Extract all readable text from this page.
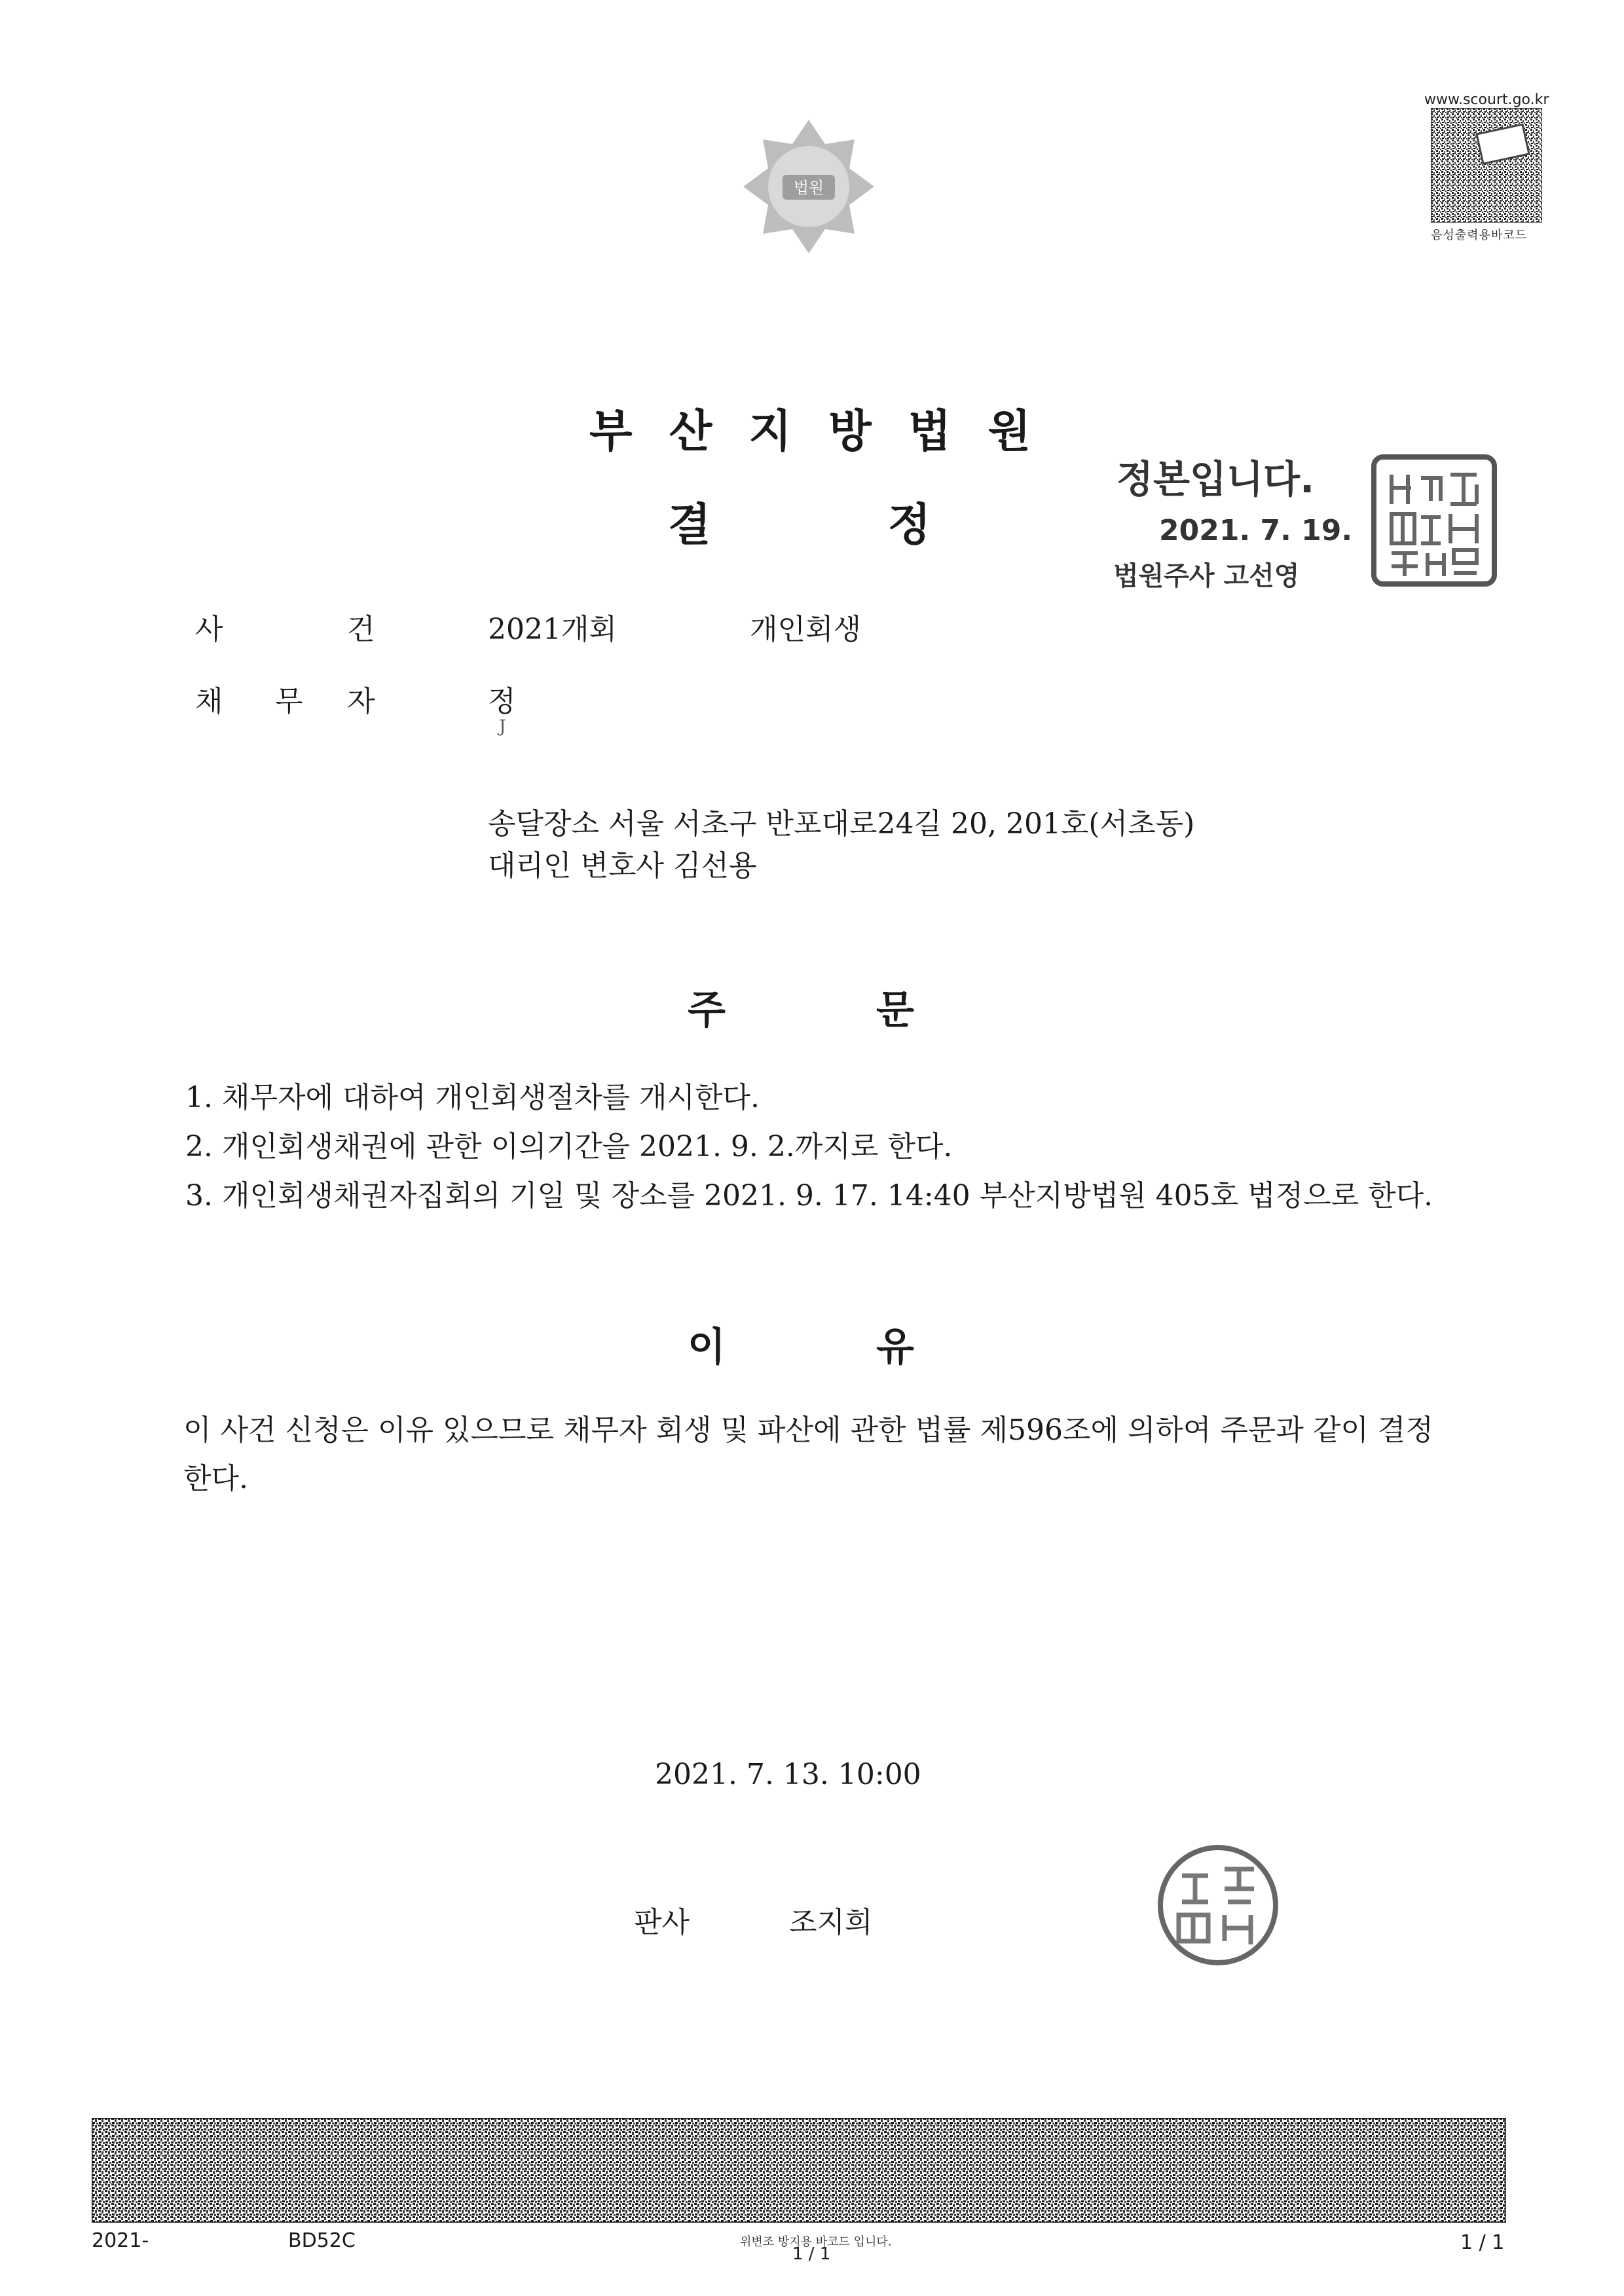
법원
www.scourt.go.kr
음성출력용바코드
부산지방법원
결정
정본입니다.
2021. 7. 19.
법원주사 고선영
사	건	2021개회	개인회생
채 무 자	정
J
송달장소 서울 서초구 반포대로24길 20, 201호(서초동)
대리인 변호사 김선용
주문
1. 채무자에 대하여 개인회생절차를 개시한다.
2. 개인회생채권에 관한 이의기간을 2021. 9. 2.까지로 한다.
3. 개인회생채권자집회의 기일 및 장소를 2021. 9. 17. 14:40 부산지방법원 405호 법정으로 한다.
이유
이 사건 신청은 이유 있으므로 채무자 회생 및 파산에 관한 법률 제596조에 의하여 주문과 같이 결정한다.
2021. 7. 13. 10:00
판사	조지희
2021-	BD52C	위변조 방지용 바코드 입니다.
1 / 1	1 / 1
